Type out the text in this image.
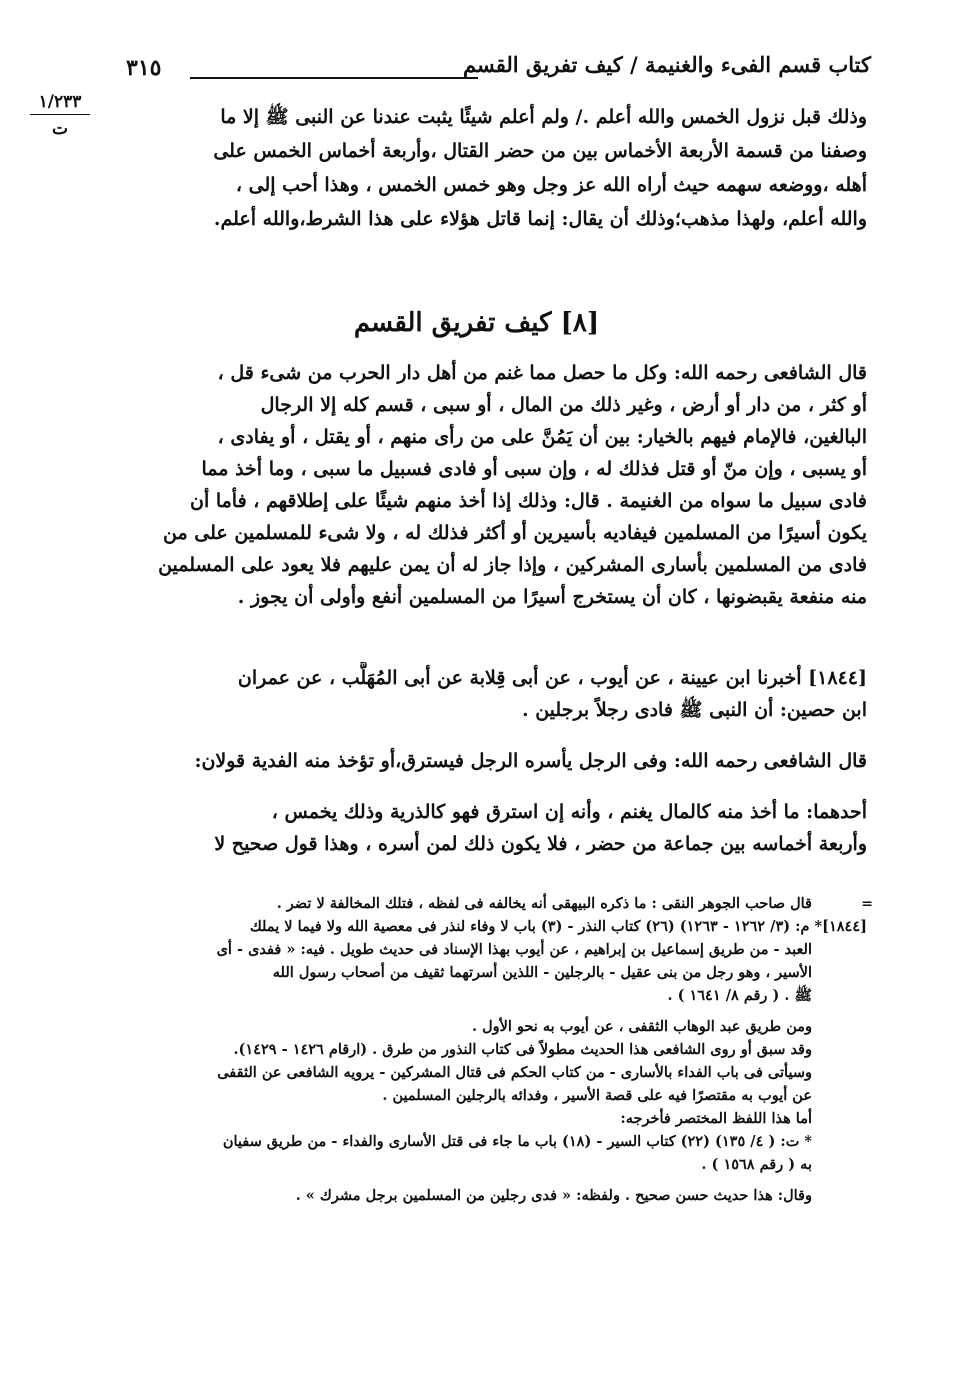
كتاب قسم الفىء والغنيمة / كيف تفريق القسم
٣١٥
١/٢٣٣
ت
وذلك قبل نزول الخمس والله أعلم ./ ولم أعلم شيئًا يثبت عندنا عن النبى ﷺ إلا ما
وصفنا من قسمة الأربعة الأخماس بين من حضر القتال ،وأربعة أخماس الخمس على
أهله ،ووضعه سهمه حيث أراه الله عز وجل وهو خمس الخمس ، وهذا أحب إلى ،
والله أعلم، ولهذا مذهب؛وذلك أن يقال: إنما قاتل هؤلاء على هذا الشرط،والله أعلم.
[٨] كيف تفريق القسم
قال الشافعى رحمه الله: وكل ما حصل مما غنم من أهل دار الحرب من شىء قل ،
أو كثر ، من دار أو أرض ، وغير ذلك من المال ، أو سبى ، قسم كله إلا الرجال
البالغين، فالإمام فيهم بالخيار: بين أن يَمُنَّ على من رأى منهم ، أو يقتل ، أو يفادى ،
أو يسبى ، وإن منّ أو قتل فذلك له ، وإن سبى أو فادى فسبيل ما سبى ، وما أخذ مما
فادى سبيل ما سواه من الغنيمة . قال: وذلك إذا أخذ منهم شيئًا على إطلاقهم ، فأما أن
يكون أسيرًا من المسلمين فيفاديه بأسيرين أو أكثر فذلك له ، ولا شىء للمسلمين على من
فادى من المسلمين بأسارى المشركين ، وإذا جاز له أن يمن عليهم فلا يعود على المسلمين
منه منفعة يقبضونها ، كان أن يستخرج أسيرًا من المسلمين أنفع وأولى أن يجوز .
[١٨٤٤] أخبرنا ابن عيينة ، عن أيوب ، عن أبى قِلابة عن أبى المُهَلَّب ، عن عمران
ابن حصين: أن النبى ﷺ فادى رجلاً برجلين .
قال الشافعى رحمه الله: وفى الرجل يأسره الرجل فيسترق،أو تؤخذ منه الفدية قولان:
أحدهما: ما أخذ منه كالمال يغنم ، وأنه إن استرق فهو كالذرية وذلك يخمس ،
وأربعة أخماسه بين جماعة من حضر ، فلا يكون ذلك لمن أسره ، وهذا قول صحيح لا
=
قال صاحب الجوهر النقى : ما ذكره البيهقى أنه يخالفه فى لفظه ، فتلك المخالفة لا تضر .
[١٨٤٤]* م: (٣/ ١٢٦٢ - ١٢٦٣) (٢٦) كتاب النذر - (٣) باب لا وفاء لنذر فى معصية الله ولا فيما لا يملك
العبد - من طريق إسماعيل بن إبراهيم ، عن أيوب بهذا الإسناد فى حديث طويل . فيه: « ففدى - أى
الأسير ، وهو رجل من بنى عقيل - بالرجلين - اللذين أسرتهما ثقيف من أصحاب رسول الله
ﷺ . ( رقم ٨/ ١٦٤١ ) .
ومن طريق عبد الوهاب الثقفى ، عن أيوب به نحو الأول .
وقد سبق أو روى الشافعى هذا الحديث مطولاً فى كتاب النذور من طرق . (ارقام ١٤٢٦ - ١٤٢٩).
وسيأتى فى باب الفداء بالأسارى - من كتاب الحكم فى قتال المشركين - يرويه الشافعى عن الثقفى
عن أيوب به مقتصرًا فيه على قصة الأسير ، وفدائه بالرجلين المسلمين .
أما هذا اللفظ المختصر فأخرجه:
* ت: ( ٤/ ١٣٥) (٢٢) كتاب السير - (١٨) باب ما جاء فى قتل الأسارى والفداء - من طريق سفيان
به ( رقم ١٥٦٨ ) .
وقال: هذا حديث حسن صحيح . ولفظه: « فدى رجلين من المسلمين برجل مشرك » .
